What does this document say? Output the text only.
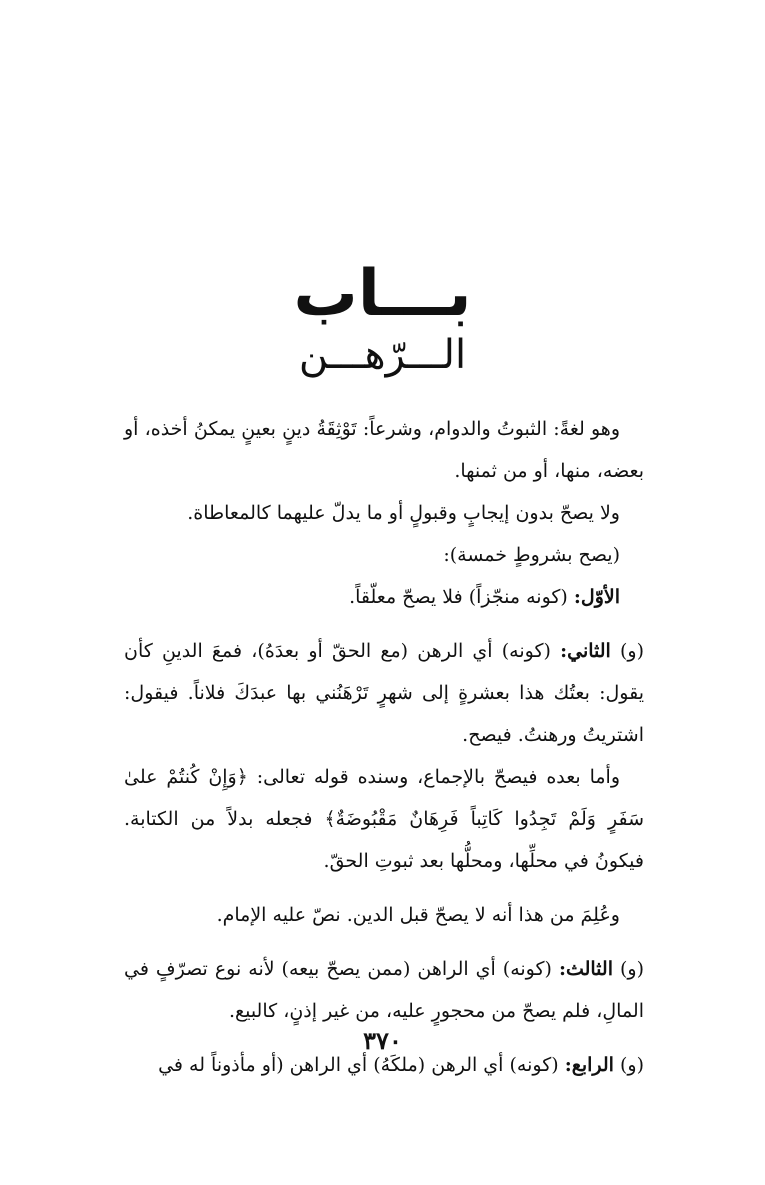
بـــاب
الـــرّهـــن

وهو لغةً: الثبوتُ والدوام، وشرعاً: تَوْثِقَةُ دينٍ بعينٍ يمكنُ أخذه، أو بعضه، منها، أو من ثمنها.

ولا يصحّ بدون إيجابٍ وقبولٍ أو ما يدلّ عليهما كالمعاطاة.

(يصح بشروطٍ خمسة):

الأوّل: (كونه منجّزاً) فلا يصحّ معلّقاً.

(و) الثاني: (كونه) أي الرهن (مع الحقّ أو بعدَهُ)، فمعَ الدينِ كأن يقول: بعتُك هذا بعشرةٍ إلى شهرٍ تَرْهَنُني بها عبدَكَ فلاناً. فيقول: اشتريتُ ورهنتُ. فيصح.

وأما بعده فيصحّ بالإجماع، وسنده قوله تعالى: ﴿وَإِنْ كُنتُمْ علىٰ سَفَرٍ وَلَمْ تَجِدُوا كَاتِباً فَرِهَانٌ مَقْبُوضَةٌ﴾ فجعله بدلاً من الكتابة. فيكونُ في محلِّها، ومحلُّها بعد ثبوتِ الحقّ.

وعُلِمَ من هذا أنه لا يصحّ قبل الدين. نصّ عليه الإمام.

(و) الثالث: (كونه) أي الراهن (ممن يصحّ بيعه) لأنه نوع تصرّفٍ في المالِ، فلم يصحّ من محجورٍ عليه، من غير إذنٍ، كالبيع.

(و) الرابع: (كونه) أي الرهن (ملكَهُ) أي الراهن (أو مأذوناً له في

٣٧٠
